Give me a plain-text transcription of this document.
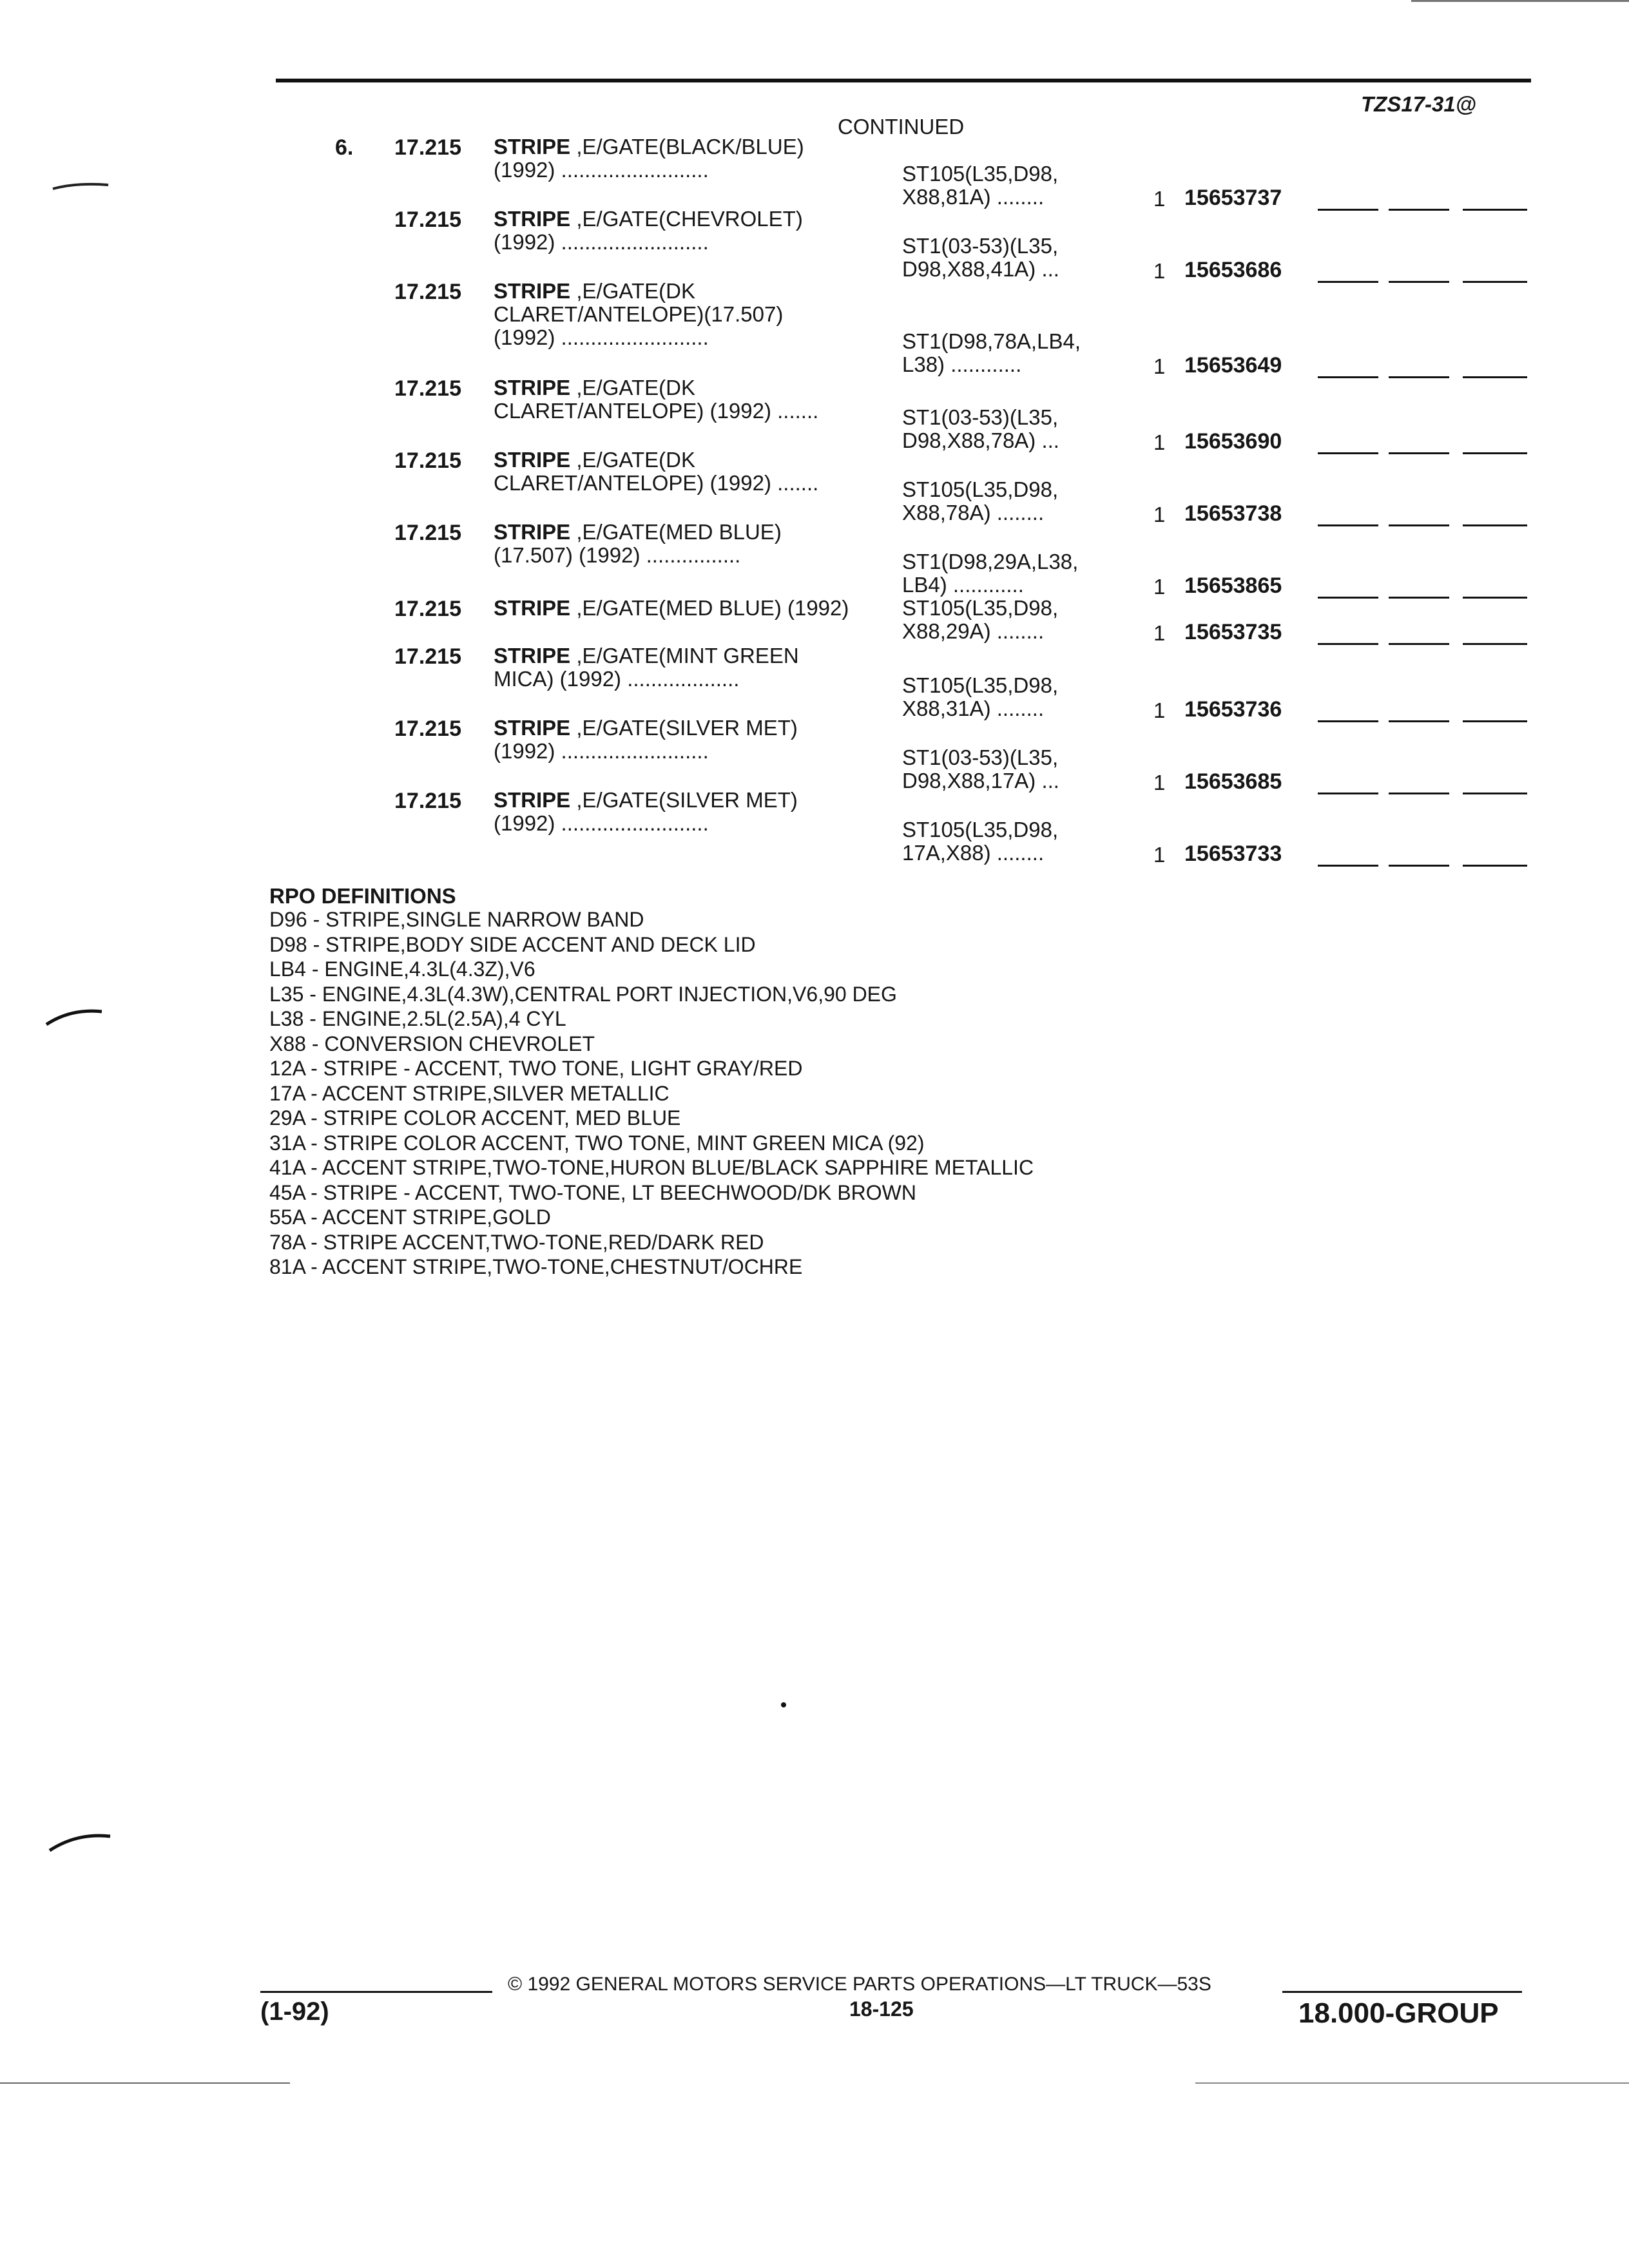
TZS17-31@
CONTINUED
6. 17.215 STRIPE ,E/GATE(BLACK/BLUE)
(1992) .........................	ST105(L35,D98,
X88,81A) ........	1 15653737
17.215 STRIPE ,E/GATE(CHEVROLET)
(1992) .........................	ST1(03-53)(L35,
D98,X88,41A) ...	1 15653686
17.215 STRIPE ,E/GATE(DK
CLARET/ANTELOPE)(17.507)
(1992) .........................	ST1(D98,78A,LB4,
L38) ............	1 15653649
17.215 STRIPE ,E/GATE(DK
CLARET/ANTELOPE) (1992) .......	ST1(03-53)(L35,
D98,X88,78A) ...	1 15653690
17.215 STRIPE ,E/GATE(DK
CLARET/ANTELOPE) (1992) .......	ST105(L35,D98,
X88,78A) ........	1 15653738
17.215 STRIPE ,E/GATE(MED BLUE)
(17.507) (1992) ................	ST1(D98,29A,L38,
LB4) ............	1 15653865
17.215 STRIPE ,E/GATE(MED BLUE) (1992)	ST105(L35,D98,
X88,29A) ........	1 15653735
17.215 STRIPE ,E/GATE(MINT GREEN
MICA) (1992) ...................	ST105(L35,D98,
X88,31A) ........	1 15653736
17.215 STRIPE ,E/GATE(SILVER MET)
(1992) .........................	ST1(03-53)(L35,
D98,X88,17A) ...	1 15653685
17.215 STRIPE ,E/GATE(SILVER MET)
(1992) .........................	ST105(L35,D98,
17A,X88) ........	1 15653733
RPO DEFINITIONS
D96 - STRIPE,SINGLE NARROW BAND
D98 - STRIPE,BODY SIDE ACCENT AND DECK LID
LB4 - ENGINE,4.3L(4.3Z),V6
L35 - ENGINE,4.3L(4.3W),CENTRAL PORT INJECTION,V6,90 DEG
L38 - ENGINE,2.5L(2.5A),4 CYL
X88 - CONVERSION CHEVROLET
12A - STRIPE - ACCENT, TWO TONE, LIGHT GRAY/RED
17A - ACCENT STRIPE,SILVER METALLIC
29A - STRIPE COLOR ACCENT, MED BLUE
31A - STRIPE COLOR ACCENT, TWO TONE, MINT GREEN MICA (92)
41A - ACCENT STRIPE,TWO-TONE,HURON BLUE/BLACK SAPPHIRE METALLIC
45A - STRIPE - ACCENT, TWO-TONE, LT BEECHWOOD/DK BROWN
55A - ACCENT STRIPE,GOLD
78A - STRIPE ACCENT,TWO-TONE,RED/DARK RED
81A - ACCENT STRIPE,TWO-TONE,CHESTNUT/OCHRE
© 1992 GENERAL MOTORS SERVICE PARTS OPERATIONS—LT TRUCK—53S
18-125
(1-92)	18.000-GROUP
